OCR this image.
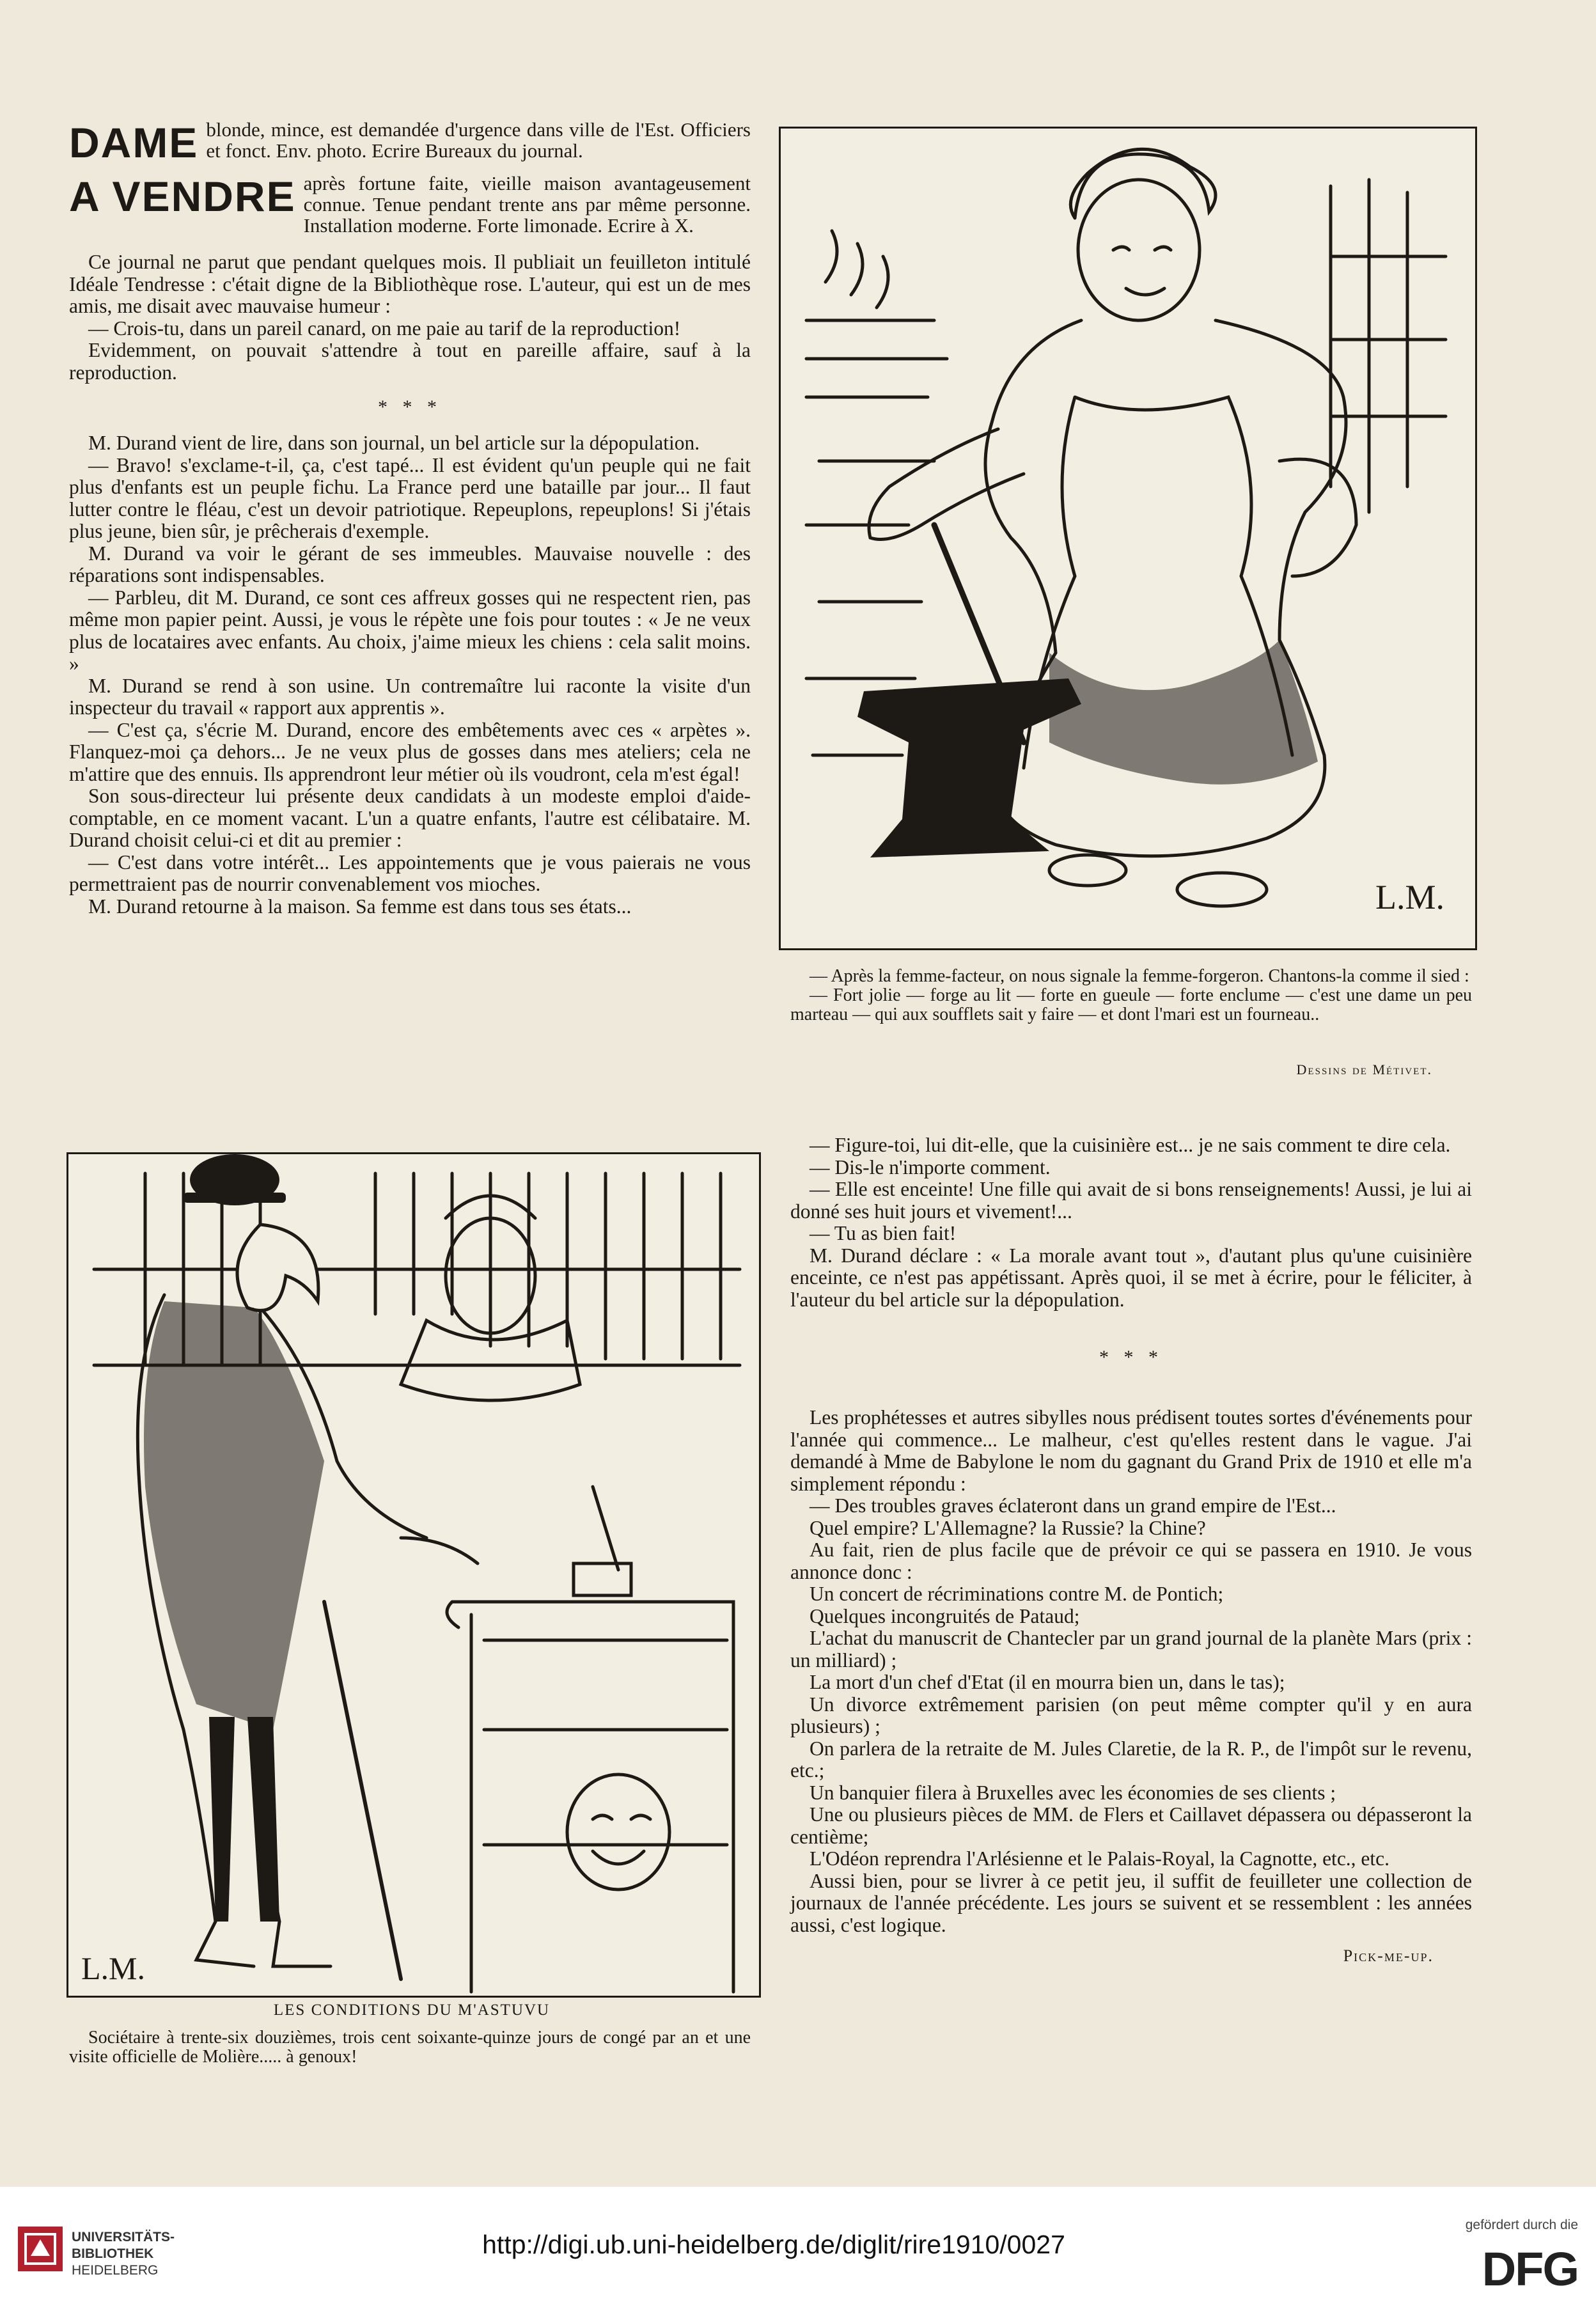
DAME blonde, mince, est demandée d'urgence dans ville de l'Est. Officiers et fonct. Env. photo. Ecrire Bureaux du journal.
A VENDRE après fortune faite, vieille maison avantageusement connue. Tenue pendant trente ans par même personne. Installation moderne. Forte limonade. Ecrire à X.

Ce journal ne parut que pendant quelques mois. Il publiait un feuilleton intitulé Idéale Tendresse : c'était digne de la Bibliothèque rose. L'auteur, qui est un de mes amis, me disait avec mauvaise humeur :

— Crois-tu, dans un pareil canard, on me paie au tarif de la reproduction!

Evidemment, on pouvait s'attendre à tout en pareille affaire, sauf à la reproduction.

* * *

M. Durand vient de lire, dans son journal, un bel article sur la dépopulation.

— Bravo! s'exclame-t-il, ça, c'est tapé... Il est évident qu'un peuple qui ne fait plus d'enfants est un peuple fichu. La France perd une bataille par jour... Il faut lutter contre le fléau, c'est un devoir patriotique. Repeuplons, repeuplons! Si j'étais plus jeune, bien sûr, je prêcherais d'exemple.

M. Durand va voir le gérant de ses immeubles. Mauvaise nouvelle : des réparations sont indispensables.

— Parbleu, dit M. Durand, ce sont ces affreux gosses qui ne respectent rien, pas même mon papier peint. Aussi, je vous le répète une fois pour toutes : « Je ne veux plus de locataires avec enfants. Au choix, j'aime mieux les chiens : cela salit moins. »

M. Durand se rend à son usine. Un contremaître lui raconte la visite d'un inspecteur du travail « rapport aux apprentis ».

— C'est ça, s'écrie M. Durand, encore des embêtements avec ces « arpètes ». Flanquez-moi ça dehors... Je ne veux plus de gosses dans mes ateliers; cela ne m'attire que des ennuis. Ils apprendront leur métier où ils voudront, cela m'est égal!

Son sous-directeur lui présente deux candidats à un modeste emploi d'aide-comptable, en ce moment vacant. L'un a quatre enfants, l'autre est célibataire. M. Durand choisit celui-ci et dit au premier :

— C'est dans votre intérêt... Les appointements que je vous paierais ne vous permettraient pas de nourrir convenablement vos mioches.

M. Durand retourne à la maison. Sa femme est dans tous ses états...	L.M.

— Après la femme-facteur, on nous signale la femme-forgeron. Chantons-la comme il sied :

— Fort jolie — forge au lit — forte en gueule — forte enclume — c'est une dame un peu marteau — qui aux soufflets sait y faire — et dont l'mari est un fourneau..

Dessins de Métivet.

— Figure-toi, lui dit-elle, que la cuisinière est... je ne sais comment te dire cela.

— Dis-le n'importe comment.

— Elle est enceinte! Une fille qui avait de si bons renseignements! Aussi, je lui ai donné ses huit jours et vivement!...

— Tu as bien fait!

M. Durand déclare : « La morale avant tout », d'autant plus qu'une cuisinière enceinte, ce n'est pas appétissant. Après quoi, il se met à écrire, pour le féliciter, à l'auteur du bel article sur la dépopulation.

* * *

Les prophétesses et autres sibylles nous prédisent toutes sortes d'événements pour l'année qui commence... Le malheur, c'est qu'elles restent dans le vague. J'ai demandé à Mme de Babylone le nom du gagnant du Grand Prix de 1910 et elle m'a simplement répondu :

— Des troubles graves éclateront dans un grand empire de l'Est...

Quel empire? L'Allemagne? la Russie? la Chine?

Au fait, rien de plus facile que de prévoir ce qui se passera en 1910. Je vous annonce donc :

Un concert de récriminations contre M. de Pontich;

Quelques incongruités de Pataud;

L'achat du manuscrit de Chantecler par un grand journal de la planète Mars (prix : un milliard) ;

La mort d'un chef d'Etat (il en mourra bien un, dans le tas);

Un divorce extrêmement parisien (on peut même compter qu'il y en aura plusieurs) ;

On parlera de la retraite de M. Jules Claretie, de la R. P., de l'impôt sur le revenu, etc.;

Un banquier filera à Bruxelles avec les économies de ses clients ;

Une ou plusieurs pièces de MM. de Flers et Caillavet dépassera ou dépasseront la centième;

L'Odéon reprendra l'Arlésienne et le Palais-Royal, la Cagnotte, etc., etc.

Aussi bien, pour se livrer à ce petit jeu, il suffit de feuilleter une collection de journaux de l'année précédente. Les jours se suivent et se ressemblent : les années aussi, c'est logique.

Pick-me-up.
L.M.
LES CONDITIONS DU M'ASTUVU

Sociétaire à trente-six douzièmes, trois cent soixante-quinze jours de congé par an et une visite officielle de Molière..... à genoux!

UNIVERSITÄTS-
BIBLIOTHEK
HEIDELBERG
http://digi.ub.uni-heidelberg.de/diglit/rire1910/0027
gefördert durch die
DFG
